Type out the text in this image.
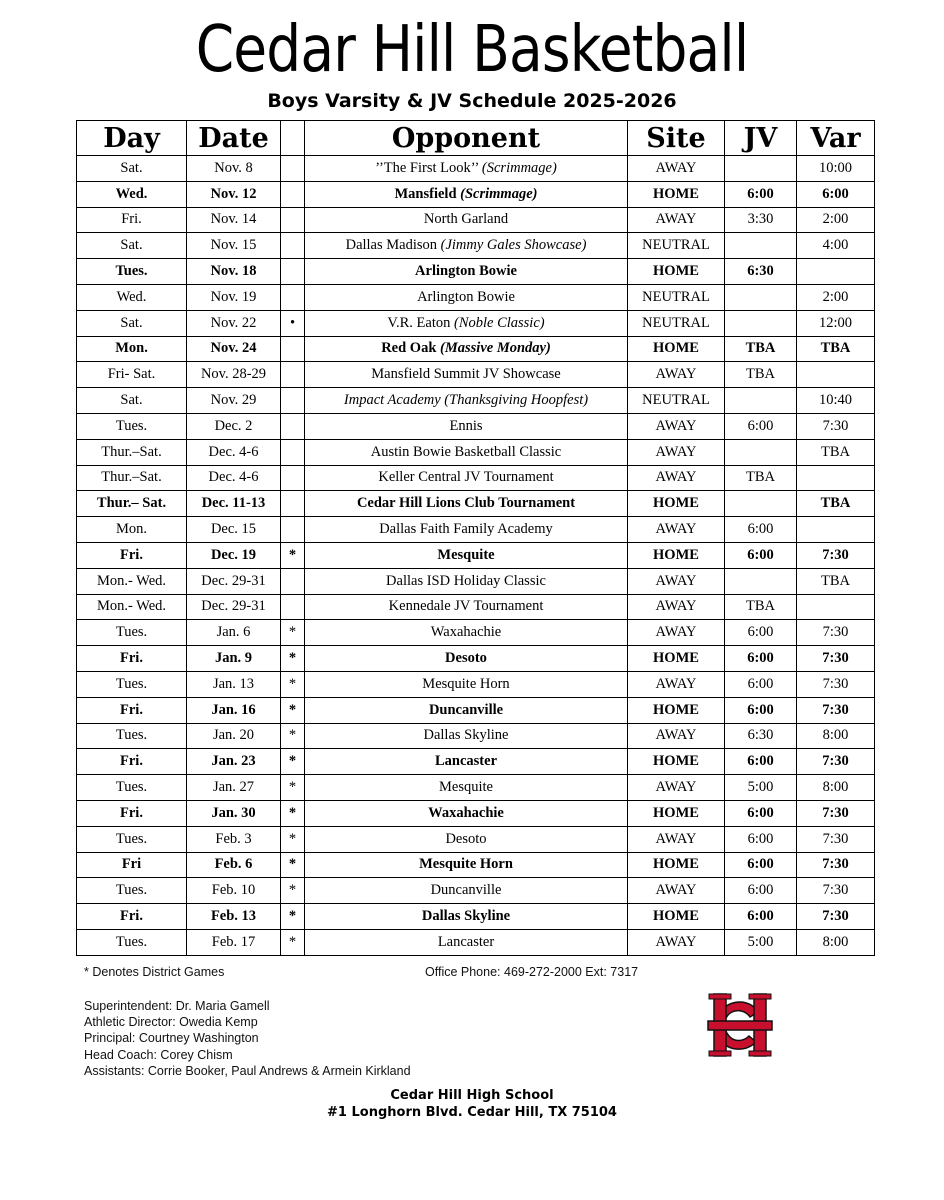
Cedar Hill Basketball
Boys Varsity & JV Schedule 2025-2026
Day	Date		Opponent	Site	JV	Var
Sat.	Nov. 8		’’The First Look’’ (Scrimmage)	AWAY		10:00
Wed.	Nov. 12		Mansfield (Scrimmage)	HOME	6:00	6:00
Fri.	Nov. 14		North Garland	AWAY	3:30	2:00
Sat.	Nov. 15		Dallas Madison (Jimmy Gales Showcase)	NEUTRAL		4:00
Tues.	Nov. 18		Arlington Bowie	HOME	6:30	
Wed.	Nov. 19		Arlington Bowie	NEUTRAL		2:00
Sat.	Nov. 22	•	V.R. Eaton (Noble Classic)	NEUTRAL		12:00
Mon.	Nov. 24		Red Oak (Massive Monday)	HOME	TBA	TBA
Fri- Sat.	Nov. 28-29		Mansfield Summit JV Showcase	AWAY	TBA	
Sat.	Nov. 29		Impact Academy (Thanksgiving Hoopfest)	NEUTRAL		10:40
Tues.	Dec. 2		Ennis	AWAY	6:00	7:30
Thur.–Sat.	Dec. 4-6		Austin Bowie Basketball Classic	AWAY		TBA
Thur.–Sat.	Dec. 4-6		Keller Central JV Tournament	AWAY	TBA	
Thur.– Sat.	Dec. 11-13		Cedar Hill Lions Club Tournament	HOME		TBA
Mon.	Dec. 15		Dallas Faith Family Academy	AWAY	6:00	
Fri.	Dec. 19	*	Mesquite	HOME	6:00	7:30
Mon.- Wed.	Dec. 29-31		Dallas ISD Holiday Classic	AWAY		TBA
Mon.- Wed.	Dec. 29-31		Kennedale JV Tournament	AWAY	TBA	
Tues.	Jan. 6	*	Waxahachie	AWAY	6:00	7:30
Fri.	Jan. 9	*	Desoto	HOME	6:00	7:30
Tues.	Jan. 13	*	Mesquite Horn	AWAY	6:00	7:30
Fri.	Jan. 16	*	Duncanville	HOME	6:00	7:30
Tues.	Jan. 20	*	Dallas Skyline	AWAY	6:30	8:00
Fri.	Jan. 23	*	Lancaster	HOME	6:00	7:30
Tues.	Jan. 27	*	Mesquite	AWAY	5:00	8:00
Fri.	Jan. 30	*	Waxahachie	HOME	6:00	7:30
Tues.	Feb. 3	*	Desoto	AWAY	6:00	7:30
Fri	Feb. 6	*	Mesquite Horn	HOME	6:00	7:30
Tues.	Feb. 10	*	Duncanville	AWAY	6:00	7:30
Fri.	Feb. 13	*	Dallas Skyline	HOME	6:00	7:30
Tues.	Feb. 17	*	Lancaster	AWAY	5:00	8:00
* Denotes District Games	Office Phone: 469-272-2000 Ext: 7317
Superintendent: Dr. Maria Gamell
Athletic Director: Owedia Kemp
Principal: Courtney Washington
Head Coach: Corey Chism
Assistants: Corrie Booker, Paul Andrews & Armein Kirkland
Cedar Hill High School
#1 Longhorn Blvd. Cedar Hill, TX 75104
